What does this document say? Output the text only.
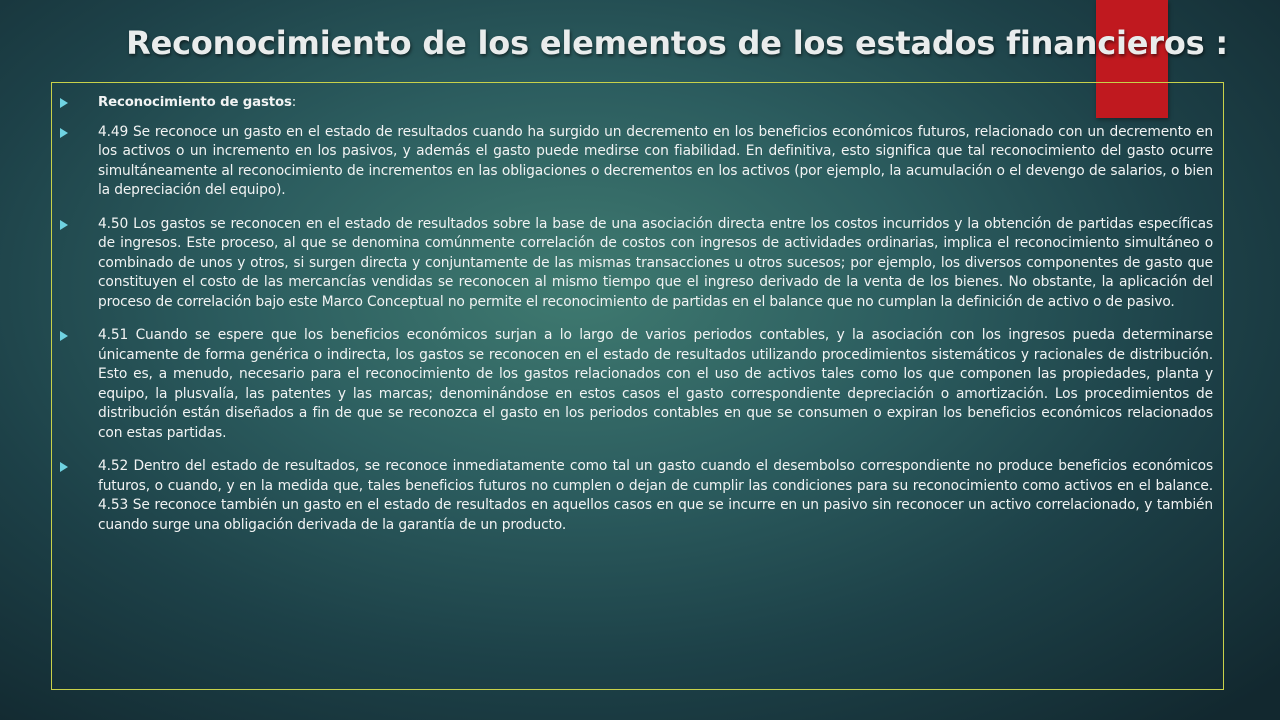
Reconocimiento de los elementos de los estados financieros :
Reconocimiento de gastos:
4.49 Se reconoce un gasto en el estado de resultados cuando ha surgido un decremento en los beneficios económicos futuros, relacionado con un decremento en los activos o un incremento en los pasivos, y además el gasto puede medirse con fiabilidad. En definitiva, esto significa que tal reconocimiento del gasto ocurre simultáneamente al reconocimiento de incrementos en las obligaciones o decrementos en los activos (por ejemplo, la acumulación o el devengo de salarios, o bien la depreciación del equipo).
4.50 Los gastos se reconocen en el estado de resultados sobre la base de una asociación directa entre los costos incurridos y la obtención de partidas específicas de ingresos. Este proceso, al que se denomina comúnmente correlación de costos con ingresos de actividades ordinarias, implica el reconocimiento simultáneo o combinado de unos y otros, si surgen directa y conjuntamente de las mismas transacciones u otros sucesos; por ejemplo, los diversos componentes de gasto que constituyen el costo de las mercancías vendidas se reconocen al mismo tiempo que el ingreso derivado de la venta de los bienes. No obstante, la aplicación del proceso de correlación bajo este Marco Conceptual no permite el reconocimiento de partidas en el balance que no cumplan la definición de activo o de pasivo.
4.51 Cuando se espere que los beneficios económicos surjan a lo largo de varios periodos contables, y la asociación con los ingresos pueda determinarse únicamente de forma genérica o indirecta, los gastos se reconocen en el estado de resultados utilizando procedimientos sistemáticos y racionales de distribución. Esto es, a menudo, necesario para el reconocimiento de los gastos relacionados con el uso de activos tales como los que componen las propiedades, planta y equipo, la plusvalía, las patentes y las marcas; denominándose en estos casos el gasto correspondiente depreciación o amortización. Los procedimientos de distribución están diseñados a fin de que se reconozca el gasto en los periodos contables en que se consumen o expiran los beneficios económicos relacionados con estas partidas.
4.52 Dentro del estado de resultados, se reconoce inmediatamente como tal un gasto cuando el desembolso correspondiente no produce beneficios económicos futuros, o cuando, y en la medida que, tales beneficios futuros no cumplen o dejan de cumplir las condiciones para su reconocimiento como activos en el balance. 4.53 Se reconoce también un gasto en el estado de resultados en aquellos casos en que se incurre en un pasivo sin reconocer un activo correlacionado, y también cuando surge una obligación derivada de la garantía de un producto.
